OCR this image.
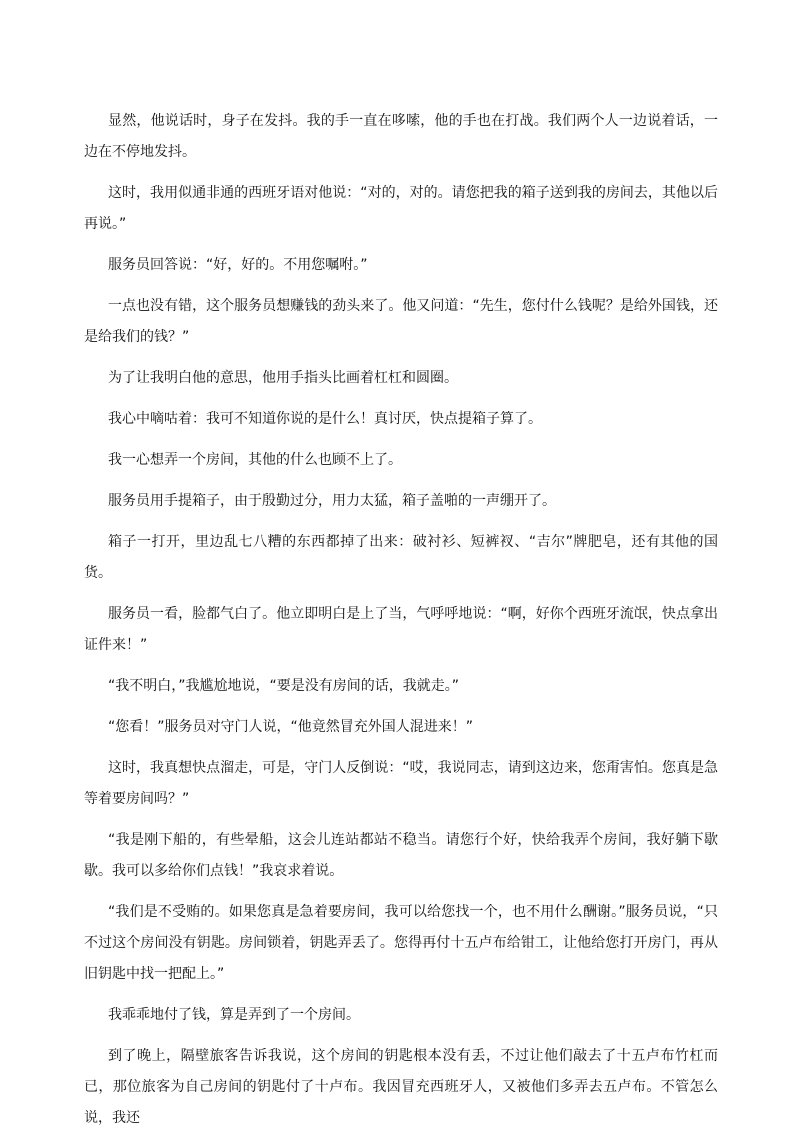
显然，他说话时，身子在发抖。我的手一直在哆嗦，他的手也在打战。我们两个人一边说着话，一边在不停地发抖。

这时，我用似通非通的西班牙语对他说：“对的，对的。请您把我的箱子送到我的房间去，其他以后再说。”

服务员回答说：“好，好的。不用您嘱咐。”

一点也没有错，这个服务员想赚钱的劲头来了。他又问道：“先生，您付什么钱呢？是给外国钱，还是给我们的钱？”

为了让我明白他的意思，他用手指头比画着杠杠和圆圈。

我心中嘀咕着：我可不知道你说的是什么！真讨厌，快点提箱子算了。

我一心想弄一个房间，其他的什么也顾不上了。

服务员用手提箱子，由于殷勤过分，用力太猛，箱子盖啪的一声绷开了。

箱子一打开，里边乱七八糟的东西都掉了出来：破衬衫、短裤衩、“吉尔”牌肥皂，还有其他的国货。

服务员一看，脸都气白了。他立即明白是上了当，气呼呼地说：“啊，好你个西班牙流氓，快点拿出证件来！”

“我不明白，”我尴尬地说，“要是没有房间的话，我就走。”

“您看！”服务员对守门人说，“他竟然冒充外国人混进来！”

这时，我真想快点溜走，可是，守门人反倒说：“哎，我说同志，请到这边来，您甭害怕。您真是急等着要房间吗？”

“我是刚下船的，有些晕船，这会儿连站都站不稳当。请您行个好，快给我弄个房间，我好躺下歇歇。我可以多给你们点钱！”我哀求着说。

“我们是不受贿的。如果您真是急着要房间，我可以给您找一个，也不用什么酬谢。”服务员说，“只不过这个房间没有钥匙。房间锁着，钥匙弄丢了。您得再付十五卢布给钳工，让他给您打开房门，再从旧钥匙中找一把配上。”

我乖乖地付了钱，算是弄到了一个房间。

到了晚上，隔壁旅客告诉我说，这个房间的钥匙根本没有丢，不过让他们敲去了十五卢布竹杠而已，那位旅客为自己房间的钥匙付了十卢布。我因冒充西班牙人，又被他们多弄去五卢布。不管怎么说，我还
